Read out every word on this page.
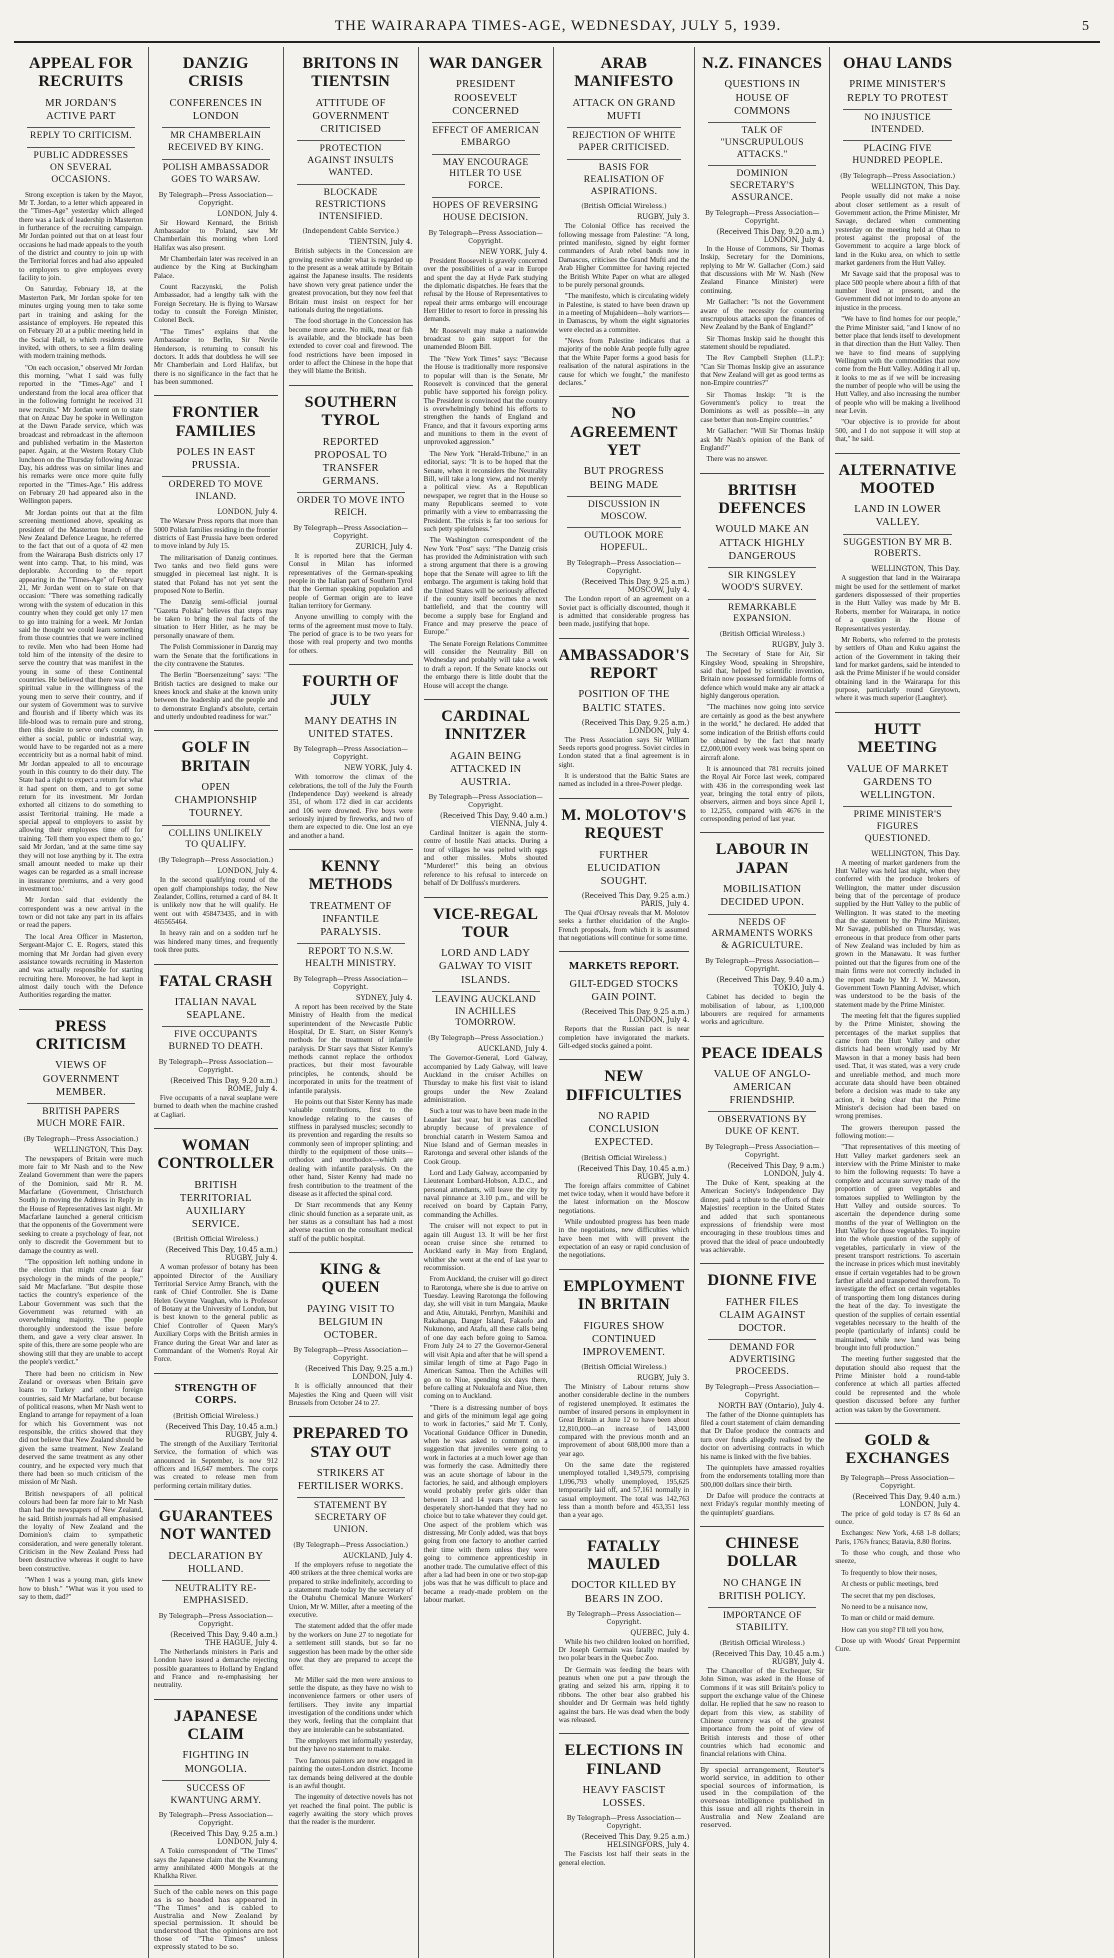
THE WAIRARAPA TIMES-AGE, WEDNESDAY, JULY 5, 1939.	5
APPEAL FOR RECRUITS
MR JORDAN'S ACTIVE PART
REPLY TO CRITICISM.
PUBLIC ADDRESSES ON SEVERAL OCCASIONS.

Strong exception is taken by the Mayor, Mr T. Jordan, to a letter which appeared in the "Times-Age" yesterday which alleged there was a lack of leadership in Masterton in furtherance of the recruiting campaign. Mr Jordan pointed out that on at least four occasions he had made appeals to the youth of the district and country to join up with the Territorial forces and had also appealed to employers to give employees every facility to join.

On Saturday, February 18, at the Masterton Park, Mr Jordan spoke for ten minutes urging young men to take some part in training and asking for the assistance of employers. He repeated this on February 20 at a public meeting held in the Social Hall, to which residents were invited, with others, to see a film dealing with modern training methods.

"On each occasion," observed Mr Jordan this morning, "what I said was fully reported in the "Times-Age" and I understand from the local area officer that in the following fortnight he received 31 new recruits." Mr Jordan went on to state that on Anzac Day he spoke in Wellington at the Dawn Parade service, which was broadcast and rebroadcast in the afternoon and published verbatim in the Masterton paper. Again, at the Western Rotary Club luncheon on the Thursday following Anzac Day, his address was on similar lines and his remarks were once more quite fully reported in the "Times-Age." His address on February 20 had appeared also in the Wellington papers.

Mr Jordan points out that at the film screening mentioned above, speaking as president of the Masterton branch of the New Zealand Defence League, he referred to the fact that out of a quota of 42 men from the Wairarapa Bush districts only 17 went into camp. That, to his mind, was deplorable. According to the report appearing in the "Times-Age" of February 21, Mr Jordan went on to state on that occasion: "There was something radically wrong with the system of education in this country when they could get only 17 men to go into training for a week. Mr Jordan said he thought we could learn something from those countries that we were inclined to revile. Men who had been Home had told him of the intensity of the desire to serve the country that was manifest in the young in some of these Continental countries. He believed that there was a real spiritual value in the willingness of the young men to serve their country, and if our system of Government was to survive and flourish and if liberty which was its life-blood was to remain pure and strong, then this desire to serve one's country, in either a social, public or industrial way, would have to be regarded not as a mere eccentricity but as a normal habit of mind. Mr Jordan appealed to all to encourage youth in this country to do their duty. The State had a right to expect a return for what it had spent on them, and to get some return for its investment. Mr Jordan exhorted all citizens to do something to assist Territorial training. He made a special appeal to employers to assist by allowing their employees time off for training. 'Tell them you expect them to go,' said Mr Jordan, 'and at the same time say they will not lose anything by it. The extra small amount needed to make up their wages can be regarded as a small increase in insurance premiums, and a very good investment too.'

Mr Jordan said that evidently the correspondent was a new arrival in the town or did not take any part in its affairs or read the papers.

The local Area Officer in Masterton, Sergeant-Major C. E. Rogers, stated this morning that Mr Jordan had given every assistance towards recruiting in Masterton and was actually responsible for starting recruiting here. Moreover, he had kept in almost daily touch with the Defence Authorities regarding the matter.

PRESS CRITICISM
VIEWS OF GOVERNMENT MEMBER.
BRITISH PAPERS MUCH MORE FAIR.
(By Telegraph—Press Association.)
WELLINGTON, This Day.

The newspapers of Britain were much more fair to Mr Nash and to the New Zealand Government than were the papers of the Dominion, said Mr R. M. Macfarlane (Government, Christchurch South) in moving the Address in Reply in the House of Representatives last night. Mr Macfarlane launched a general criticism that the opponents of the Government were seeking to create a psychology of fear, not only to discredit the Government but to damage the country as well.

"The opposition left nothing undone in the election that might create a fear psychology in the minds of the people," said Mr Macfarlane. "But despite those tactics the country's experience of the Labour Government was such that the Government was returned with an overwhelming majority. The people thoroughly understood the issue before them, and gave a very clear answer. In spite of this, there are some people who are showing still that they are unable to accept the people's verdict."

There had been no criticism in New Zealand or overseas when Britain gave loans to Turkey and other foreign countries, said Mr Macfarlane, but because of political reasons, when Mr Nash went to England to arrange for repayment of a loan for which his Government was not responsible, the critics showed that they did not believe that New Zealand should be given the same treatment. New Zealand deserved the same treatment as any other country, and he expected very much that there had been so much criticism of the mission of Mr Nash.

British newspapers of all political colours had been far more fair to Mr Nash than had the newspapers of New Zealand, he said. British journals had all emphasised the loyalty of New Zealand and the Dominion's claim to sympathetic consideration, and were generally tolerant. Criticism in the New Zealand Press had been destructive whereas it ought to have been constructive.

"When I was a young man, girls knew how to blush." "What was it you used to say to them, dad?"

DANZIG CRISIS
CONFERENCES IN LONDON
MR CHAMBERLAIN RECEIVED BY KING.
POLISH AMBASSADOR GOES TO WARSAW.
By Telegraph—Press Association—Copyright.
LONDON, July 4.

Sir Howard Kennard, the British Ambassador to Poland, saw Mr Chamberlain this morning when Lord Halifax was also present.

Mr Chamberlain later was received in an audience by the King at Buckingham Palace.

Count Raczynski, the Polish Ambassador, had a lengthy talk with the Foreign Secretary. He is flying to Warsaw today to consult the Foreign Minister, Colonel Beck.

"The Times" explains that the Ambassador to Berlin, Sir Nevile Henderson, is returning to consult his doctors. It adds that doubtless he will see Mr Chamberlain and Lord Halifax, but there is no significance in the fact that he has been summoned.

FRONTIER FAMILIES
POLES IN EAST PRUSSIA.
ORDERED TO MOVE INLAND.
LONDON, July 4.

The Warsaw Press reports that more than 5000 Polish families residing in the frontier districts of East Prussia have been ordered to move inland by July 15.

The militarisation of Danzig continues. Two tanks and two field guns were smuggled in piecemeal last night. It is stated that Poland has not yet sent the proposed Note to Berlin.

The Danzig semi-official journal "Gazetta Polska" believes that steps may be taken to bring the real facts of the situation to Herr Hitler, as he may be personally unaware of them.

The Polish Commissioner in Danzig may warn the Senate that the fortifications in the city contravene the Statutes.

The Berlin "Boersenzeitung" says: "The British tactics are designed to make our knees knock and shake at the known unity between the leadership and the people and to demonstrate England's absolute, certain and utterly undoubted readiness for war."

GOLF IN BRITAIN
OPEN CHAMPIONSHIP TOURNEY.
COLLINS UNLIKELY TO QUALIFY.
(By Telegraph—Press Association.)
LONDON, July 4.

In the second qualifying round of the open golf championships today, the New Zealander, Collins, returned a card of 84. It is unlikely now that he will qualify. He went out with 458473435, and in with 465565464.

In heavy rain and on a sodden turf he was hindered many times, and frequently took three putts.

FATAL CRASH
ITALIAN NAVAL SEAPLANE.
FIVE OCCUPANTS BURNED TO DEATH.
By Telegraph—Press Association—Copyright.
(Received This Day, 9.20 a.m.) ROME, July 4.

Five occupants of a naval seaplane were burned to death when the machine crashed at Cagliari.

WOMAN CONTROLLER
BRITISH TERRITORIAL AUXILIARY SERVICE.
(British Official Wireless.)
(Received This Day, 10.45 a.m.) RUGBY, July 4.

A woman professor of botany has been appointed Director of the Auxiliary Territorial Service Army Branch, with the rank of Chief Controller. She is Dame Helen Gwynne Vaughan, who is Professor of Botany at the University of London, but is best known to the general public as Chief Controller of Queen Mary's Auxiliary Corps with the British armies in France during the Great War and later as Commandant of the Women's Royal Air Force.

STRENGTH OF CORPS.
(British Official Wireless.)
(Received This Day, 10.45 a.m.) RUGBY, July 4.

The strength of the Auxiliary Territorial Service, the formation of which was announced in September, is now 912 officers and 16,647 members. The corps was created to release men from performing certain military duties.

GUARANTEES NOT WANTED
DECLARATION BY HOLLAND.
NEUTRALITY RE-EMPHASISED.
By Telegraph—Press Association—Copyright.
(Received This Day, 9.40 a.m.) THE HAGUE, July 4.

The Netherlands ministers in Paris and London have issued a demarche rejecting possible guarantees to Holland by England and France and re-emphasising her neutrality.

JAPANESE CLAIM
FIGHTING IN MONGOLIA.
SUCCESS OF KWANTUNG ARMY.
By Telegraph—Press Association—Copyright.
(Received This Day, 9.25 a.m.) LONDON, July 4.

A Tokio correspondent of "The Times" says the Japanese claim that the Kwantung army annihilated 4000 Mongols at the Khalkha River.

Such of the cable news on this page as is so headed has appeared in "The Times" and is cabled to Australia and New Zealand by special permission. It should be understood that the opinions are not those of "The Times" unless expressly stated to be so.
BRITONS IN TIENTSIN
ATTITUDE OF GOVERNMENT CRITICISED
PROTECTION AGAINST INSULTS WANTED.
BLOCKADE RESTRICTIONS INTENSIFIED.
(Independent Cable Service.)
TIENTSIN, July 4.

British subjects in the Concession are growing restive under what is regarded up to the present as a weak attitude by Britain against the Japanese insults. The residents have shown very great patience under the greatest provocation, but they now feel that Britain must insist on respect for her nationals during the negotiations.

The food shortage in the Concession has become more acute. No milk, meat or fish is available, and the blockade has been extended to cover coal and firewood. The food restrictions have been imposed in order to affect the Chinese in the hope that they will blame the British.

SOUTHERN TYROL
REPORTED PROPOSAL TO TRANSFER GERMANS.
ORDER TO MOVE INTO REICH.
By Telegraph—Press Association—Copyright.
ZURICH, July 4.

It is reported here that the German Consul in Milan has informed representatives of the German-speaking people in the Italian part of Southern Tyrol that the German speaking population and people of German origin are to leave Italian territory for Germany.

Anyone unwilling to comply with the terms of the agreement must move to Italy. The period of grace is to be two years for those with real property and two months for others.

FOURTH OF JULY
MANY DEATHS IN UNITED STATES.
By Telegraph—Press Association—Copyright.
NEW YORK, July 4.

With tomorrow the climax of the celebrations, the toll of the July the Fourth (Independence Day) weekend is already 351, of whom 172 died in car accidents and 106 were drowned. Five boys were seriously injured by fireworks, and two of them are expected to die. One lost an eye and another a hand.

KENNY METHODS
TREATMENT OF INFANTILE PARALYSIS.
REPORT TO N.S.W. HEALTH MINISTRY.
By Telegraph—Press Association—Copyright.
SYDNEY, July 4.

A report has been received by the State Ministry of Health from the medical superintendent of the Newcastle Public Hospital, Dr E. Starr, on Sister Kenny's methods for the treatment of infantile paralysis. Dr Starr says that Sister Kenny's methods cannot replace the orthodox practices, but their most favourable principles, he contends, should be incorporated in units for the treatment of infantile paralysis.

He points out that Sister Kenny has made valuable contributions, first to the knowledge relating to the causes of stiffness in paralysed muscles; secondly to its prevention and regarding the results so commonly seen of improper splinting; and thirdly to the equipment of those units—orthodox and unorthodox—which are dealing with infantile paralysis. On the other hand, Sister Kenny had made no fresh contribution to the treatment of the disease as it affected the spinal cord.

Dr Starr recommends that any Kenny clinic should function as a separate unit, as her status as a consultant has had a most adverse reaction on the consultant medical staff of the public hospital.

KING & QUEEN
PAYING VISIT TO BELGIUM IN OCTOBER.
By Telegraph—Press Association—Copyright.
(Received This Day, 9.25 a.m.) LONDON, July 4.

It is officially announced that their Majesties the King and Queen will visit Brussels from October 24 to 27.

PREPARED TO STAY OUT
STRIKERS AT FERTILISER WORKS.
STATEMENT BY SECRETARY OF UNION.
(By Telegraph—Press Association.)
AUCKLAND, July 4.

If the employers refuse to negotiate the 400 strikers at the three chemical works are prepared to strike indefinitely, according to a statement made today by the secretary of the Otahuhu Chemical Manure Workers' Union, Mr W. Miller, after a meeting of the executive.

The statement added that the offer made by the workers on June 27 to negotiate for a settlement still stands, but so far no suggestion has been made by the other side now that they are prepared to accept the offer.

Mr Miller said the men were anxious to settle the dispute, as they have no wish to inconvenience farmers or other users of fertilisers. They invite any impartial investigation of the conditions under which they work, feeling that the complaint that they are intolerable can be substantiated.

The employers met informally yesterday, but they have no statement to make.

Two famous painters are now engaged in painting the outer-London district. Income tax demands being delivered at the double is an awful thought.

The ingenuity of detective novels has not yet reached the final point. The public is eagerly awaiting the story which proves that the reader is the murderer.

WAR DANGER
PRESIDENT ROOSEVELT CONCERNED
EFFECT OF AMERICAN EMBARGO
MAY ENCOURAGE HITLER TO USE FORCE.
HOPES OF REVERSING HOUSE DECISION.
By Telegraph—Press Association—Copyright.
NEW YORK, July 4.

President Roosevelt is gravely concerned over the possibilities of a war in Europe and spent the day at Hyde Park studying the diplomatic dispatches. He fears that the refusal by the House of Representatives to repeal their arms embargo will encourage Herr Hitler to resort to force in pressing his demands.

Mr Roosevelt may make a nationwide broadcast to gain support for the unamended Bloom Bill.

The "New York Times" says: "Because the House is traditionally more responsive to popular will than is the Senate, Mr Roosevelt is convinced that the general public have supported his foreign policy. The President is convinced that the country is overwhelmingly behind his efforts to strengthen the hands of England and France, and that it favours exporting arms and munitions to them in the event of unprovoked aggression."

The New York "Herald-Tribune," in an editorial, says: "It is to be hoped that the Senate, when it reconsiders the Neutrality Bill, will take a long view, and not merely a political view. As a Republican newspaper, we regret that in the House so many Republicans seemed to vote primarily with a view to embarrassing the President. The crisis is far too serious for such petty spitefulness."

The Washington correspondent of the New York "Post" says: "The Danzig crisis has provided the Administration with such a strong argument that there is a growing hope that the Senate will agree to lift the embargo. The argument is taking hold that the United States will be seriously affected if the country itself becomes the next battlefield, and that the country will become a supply base for England and France and may preserve the peace of Europe."

The Senate Foreign Relations Committee will consider the Neutrality Bill on Wednesday and probably will take a week to draft a report. If the Senate knocks out the embargo there is little doubt that the House will accept the change.

CARDINAL INNITZER
AGAIN BEING ATTACKED IN AUSTRIA.
By Telegraph—Press Association—Copyright.
(Received This Day, 9.40 a.m.) VIENNA, July 4.

Cardinal Innitzer is again the storm-centre of hostile Nazi attacks. During a tour of villages he was pelted with eggs and other missiles. Mobs shouted "Murderer!" this being an obvious reference to his refusal to intercede on behalf of Dr Dollfuss's murderers.

VICE-REGAL TOUR
LORD AND LADY GALWAY TO VISIT ISLANDS.
LEAVING AUCKLAND IN ACHILLES TOMORROW.
(By Telegraph—Press Association.)
AUCKLAND, July 4.

The Governor-General, Lord Galway, accompanied by Lady Galway, will leave Auckland in the cruiser Achilles on Thursday to make his first visit to island groups under the New Zealand administration.

Such a tour was to have been made in the Leander last year, but it was cancelled abruptly because of prevalence of bronchial catarrh in Western Samoa and Niue Island and of German measles in Rarotonga and several other islands of the Cook Group.

Lord and Lady Galway, accompanied by Lieutenant Lombard-Hobson, A.D.C., and personal attendants, will leave the city by naval pinnance at 3.10 p.m., and will be received on board by Captain Parry, commanding the Achilles.

The cruiser will not expect to put in again till August 13. It will be her first ocean cruise since she returned to Auckland early in May from England, whither she went at the end of last year to recommission.

From Auckland, the cruiser will go direct to Rarotonga, where she is due to arrive on Tuesday. Leaving Rarotonga the following day, she will visit in turn Mangaia, Mauke and Atiu, Aitutaki, Penrhyn, Manihiki and Rakahanga, Danger Island, Fakaofo and Nukunono, and Atafu, all these calls being of one day each before going to Samoa. From July 24 to 27 the Governor-General will visit Apia and after that he will spend a similar length of time at Pago Pago in American Samoa. Then the Achilles will go on to Niue, spending six days there, before calling at Nukualofa and Niue, then coming on to Auckland.

"There is a distressing number of boys and girls of the minimum legal age going to work in factories," said Mr T. Conly, Vocational Guidance Officer in Dunedin, when he was asked to comment on a suggestion that juveniles were going to work in factories at a much lower age than was formerly the case. Admittedly there was an acute shortage of labour in the factories, he said, and although employers would probably prefer girls older than between 13 and 14 years they were so desperately short-handed that they had no choice but to take whatever they could get. One aspect of the problem which was distressing, Mr Conly added, was that boys going from one factory to another carried their time with them unless they were going to commence apprenticeship in another trade. The cumulative effect of this after a lad had been in one or two stop-gap jobs was that he was difficult to place and became a ready-made problem on the labour market.

ARAB MANIFESTO
ATTACK ON GRAND MUFTI
REJECTION OF WHITE PAPER CRITICISED.
BASIS FOR REALISATION OF ASPIRATIONS.
(British Official Wireless.)
RUGBY, July 3.

The Colonial Office has received the following message from Palestine: "A long, printed manifesto, signed by eight former commanders of Arab rebel bands now in Damascus, criticises the Grand Mufti and the Arab Higher Committee for having rejected the British White Paper on what are alleged to be purely personal grounds.

"The manifesto, which is circulating widely in Palestine, is stated to have been drawn up in a meeting of Mujahideen—holy warriors—in Damascus, by whom the eight signatories were elected as a committee.

"News from Palestine indicates that a majority of the noble Arab people fully agree that the White Paper forms a good basis for realisation of the natural aspirations in the cause for which we fought," the manifesto declares."

NO AGREEMENT YET
BUT PROGRESS BEING MADE
DISCUSSION IN MOSCOW.
OUTLOOK MORE HOPEFUL.
By Telegraph—Press Association—Copyright.
(Received This Day, 9.25 a.m.) MOSCOW, July 4.

The London report of an agreement on a Soviet pact is officially discounted, though it is admitted that considerable progress has been made, justifying that hope.

AMBASSADOR'S REPORT
POSITION OF THE BALTIC STATES.
(Received This Day, 9.25 a.m.) LONDON, July 4.

The Press Association says Sir William Seeds reports good progress. Soviet circles in London stated that a final agreement is in sight.

It is understood that the Baltic States are named as included in a three-Power pledge.

M. MOLOTOV'S REQUEST
FURTHER ELUCIDATION SOUGHT.
(Received This Day, 9.25 a.m.) PARIS, July 4.

The Quai d'Orsay reveals that M. Molotov seeks a further elucidation of the Anglo-French proposals, from which it is assumed that negotiations will continue for some time.

MARKETS REPORT.
GILT-EDGED STOCKS GAIN POINT.
(Received This Day, 9.25 a.m.) LONDON, July 4.

Reports that the Russian pact is near completion have invigorated the markets. Gilt-edged stocks gained a point.

NEW DIFFICULTIES
NO RAPID CONCLUSION EXPECTED.
(British Official Wireless.)
(Received This Day, 10.45 a.m.) RUGBY, July 4.

The foreign affairs committee of Cabinet met twice today, when it would have before it the latest information on the Moscow negotiations.

While undoubted progress has been made in the negotiations, new difficulties which have been met with will prevent the expectation of an easy or rapid conclusion of the negotiations.

EMPLOYMENT IN BRITAIN
FIGURES SHOW CONTINUED IMPROVEMENT.
(British Official Wireless.)
RUGBY, July 3.

The Ministry of Labour returns show another considerable decline in the numbers of registered unemployed. It estimates the number of insured persons in employment in Great Britain at June 12 to have been about 12,810,000—an increase of 143,000 compared with the previous month and an improvement of about 608,000 more than a year ago.

On the same date the registered unemployed totalled 1,349,579, comprising 1,096,793 wholly unemployed, 195,625 temporarily laid off, and 57,161 normally in casual employment. The total was 142,763 less than a month before and 453,351 less than a year ago.

FATALLY MAULED
DOCTOR KILLED BY BEARS IN ZOO.
By Telegraph—Press Association—Copyright.
QUEBEC, July 4.

While his two children looked on horrified, Dr Joseph Germain was fatally mauled by two polar bears in the Quebec Zoo.

Dr Germain was feeding the bears with peanuts when one put a paw through the grating and seized his arm, ripping it to ribbons. The other bear also grabbed his shoulder and Dr Germain was held tightly against the bars. He was dead when the body was released.

ELECTIONS IN FINLAND
HEAVY FASCIST LOSSES.
By Telegraph—Press Association—Copyright.
(Received This Day, 9.25 a.m.) HELSINGFORS, July 4.

The Fascists lost half their seats in the general election.

N.Z. FINANCES
QUESTIONS IN HOUSE OF COMMONS
TALK OF "UNSCRUPULOUS ATTACKS."
DOMINION SECRETARY'S ASSURANCE.
By Telegraph—Press Association—Copyright.
(Received This Day, 9.20 a.m.) LONDON, July 4.

In the House of Commons, Sir Thomas Inskip, Secretary for the Dominions, replying to Mr W. Gallacher (Com.) said that discussions with Mr W. Nash (New Zealand Finance Minister) were continuing.

Mr Gallacher: "Is not the Government aware of the necessity for countering unscrupulous attacks upon the finances of New Zealand by the Bank of England?"

Sir Thomas Inskip said he thought this statement should be repudiated.

The Rev Campbell Stephen (I.L.P.): "Can Sir Thomas Inskip give an assurance that New Zealand will get as good terms as non-Empire countries?"

Sir Thomas Inskip: "It is the Government's policy to treat the Dominions as well as possible—in any case better than non-Empire countries."

Mr Gallacher: "Will Sir Thomas Inskip ask Mr Nash's opinion of the Bank of England?"

There was no answer.

BRITISH DEFENCES
WOULD MAKE AN ATTACK HIGHLY DANGEROUS
SIR KINGSLEY WOOD'S SURVEY.
REMARKABLE EXPANSION.
(British Official Wireless.)
RUGBY, July 3.

The Secretary of State for Air, Sir Kingsley Wood, speaking in Shropshire, said that, helped by scientific invention, Britain now possessed formidable forms of defence which would make any air attack a highly dangerous operation.

"The machines now going into service are certainly as good as the best anywhere in the world," he declared. He added that some indication of the British efforts could be obtained by the fact that nearly £2,000,000 every week was being spent on aircraft alone.

It is announced that 781 recruits joined the Royal Air Force last week, compared with 436 in the corresponding week last year, bringing the total entry of pilots, observers, airmen and boys since April 1, to 12,255, compared with 4676 in the corresponding period of last year.

LABOUR IN JAPAN
MOBILISATION DECIDED UPON.
NEEDS OF ARMAMENTS WORKS & AGRICULTURE.
By Telegraph—Press Association—Copyright.
(Received This Day, 9.40 a.m.) TOKIO, July 4.

Cabinet has decided to begin the mobilisation of labour, as 1,100,000 labourers are required for armaments works and agriculture.

PEACE IDEALS
VALUE OF ANGLO-AMERICAN FRIENDSHIP.
OBSERVATIONS BY DUKE OF KENT.
By Telegraph—Press Association—Copyright.
(Received This Day, 9 a.m.) LONDON, July 4.

The Duke of Kent, speaking at the American Society's Independence Day dinner, paid a tribute to the efforts of their Majesties' reception in the United States and added that such spontaneous expressions of friendship were most encouraging in these troublous times and proved that the ideal of peace undoubtedly was achievable.

DIONNE FIVE
FATHER FILES CLAIM AGAINST DOCTOR.
DEMAND FOR ADVERTISING PROCEEDS.
By Telegraph—Press Association—Copyright.
NORTH BAY (Ontario), July 4.

The father of the Dionne quintuplets has filed a court statement of claim demanding that Dr Dafoe produce the contracts and turn over funds allegedly realised by the doctor on advertising contracts in which his name is linked with the five babies.

The quintuplets have amassed royalties from the endorsements totalling more than 500,000 dollars since their birth.

Dr Dafoe will produce the contracts at next Friday's regular monthly meeting of the quintuplets' guardians.

CHINESE DOLLAR
NO CHANGE IN BRITISH POLICY.
IMPORTANCE OF STABILITY.
(British Official Wireless.)
(Received This Day, 10.45 a.m.) RUGBY, July 4.

The Chancellor of the Exchequer, Sir John Simon, was asked in the House of Commons if it was still Britain's policy to support the exchange value of the Chinese dollar. He replied that he saw no reason to depart from this view, as stability of Chinese currency was of the greatest importance from the point of view of British interests and those of other countries which had economic and financial relations with China.

By special arrangement, Reuter's world service, in addition to other special sources of information, is used in the compilation of the overseas intelligence published in this issue and all rights therein in Australia and New Zealand are reserved.
OHAU LANDS
PRIME MINISTER'S REPLY TO PROTEST
NO INJUSTICE INTENDED.
PLACING FIVE HUNDRED PEOPLE.
(By Telegraph—Press Association.)
WELLINGTON, This Day.

People usually did not make a noise about closer settlement as a result of Government action, the Prime Minister, Mr Savage, declared when commenting yesterday on the meeting held at Ohau to protest against the proposal of the Government to acquire a large block of land in the Kuku area, on which to settle market gardeners from the Hutt Valley.

Mr Savage said that the proposal was to place 500 people where about a fifth of that number lived at present, and the Government did not intend to do anyone an injustice in the process.

"We have to find homes for our people," the Prime Minister said, "and I know of no better place that lends itself to development in that direction than the Hutt Valley. Then we have to find means of supplying Wellington with the commodities that now come from the Hutt Valley. Adding it all up, it looks to me as if we will be increasing the number of people who will be using the Hutt Valley, and also increasing the number of people who will be making a livelihood near Levin.

"Our objective is to provide for about 500, and I do not suppose it will stop at that," he said.

ALTERNATIVE MOOTED
LAND IN LOWER VALLEY.
SUGGESTION BY MR B. ROBERTS.
WELLINGTON, This Day.

A suggestion that land in the Wairarapa might be used for the settlement of market gardeners dispossessed of their properties in the Hutt Valley was made by Mr B. Roberts, member for Wairarapa, in notice of a question in the House of Representatives yesterday.

Mr Roberts, who referred to the protests by settlers of Ohau and Kuku against the action of the Government in taking their land for market gardens, said he intended to ask the Prime Minister if he would consider obtaining land in the Wairarapa for this purpose, particularly round Greytown, where it was much superior (Laughter).

HUTT MEETING
VALUE OF MARKET GARDENS TO WELLINGTON.
PRIME MINISTER'S FIGURES QUESTIONED.
WELLINGTON, This Day.

A meeting of market gardeners from the Hutt Valley was held last night, when they conferred with the produce brokers of Wellington, the matter under discussion being that of the percentage of produce supplied by the Hutt Valley to the public of Wellington. It was stated to the meeting that the statement by the Prime Minister, Mr Savage, published on Thursday, was erroneous in that produce from other parts of New Zealand was included by him as grown in the Manawatu. It was further pointed out that the figures from one of the main firms were not correctly included in the report made by Mr J. W. Mawson, Government Town Planning Adviser, which was understood to be the basis of the statement made by the Prime Minister.

The meeting felt that the figures supplied by the Prime Minister, showing the percentages of the market supplies that came from the Hutt Valley and other districts had been wrongly used by Mr Mawson in that a money basis had been used. That, it was stated, was a very crude and unreliable method, and much more accurate data should have been obtained before a decision was made to take any action, it being clear that the Prime Minister's decision had been based on wrong premises.

The growers thereupon passed the following motion:—

"That representatives of this meeting of Hutt Valley market gardeners seek an interview with the Prime Minister to make to him the following requests: To have a complete and accurate survey made of the proportion of green vegetables and tomatoes supplied to Wellington by the Hutt Valley and outside sources. To ascertain the dependence during some months of the year of Wellington on the Hutt Valley for those vegetables. To inquire into the whole question of the supply of vegetables, particularly in view of the present transport restrictions. To ascertain the increase in prices which must inevitably ensue if certain vegetables had to be grown farther afield and transported therefrom. To investigate the effect on certain vegetables of transporting them long distances during the heat of the day. To investigate the question of the supplies of certain essential vegetables necessary to the health of the people (particularly of infants) could be maintained, while new land was being brought into full production."

The meeting further suggested that the deputation should also request that the Prime Minister hold a round-table conference at which all parties affected could be represented and the whole question discussed before any further action was taken by the Government.

GOLD & EXCHANGES
By Telegraph—Press Association—Copyright.
(Received This Day, 9.40 a.m.) LONDON, July 4.

The price of gold today is £7 8s 6d an ounce.

Exchanges: New York, 4.68 1-8 dollars; Paris, 176⅞ francs; Batavia, 8.80 florins.

To those who cough, and those who sneeze,

To frequently to blow their noses,

At chests or public meetings, bred

The secret that my pen discloses,

No need to be a nuisance now,

To man or child or maid demure.

How can you stop? I'll tell you how,

Dose up with Woods' Great Peppermint Cure.
